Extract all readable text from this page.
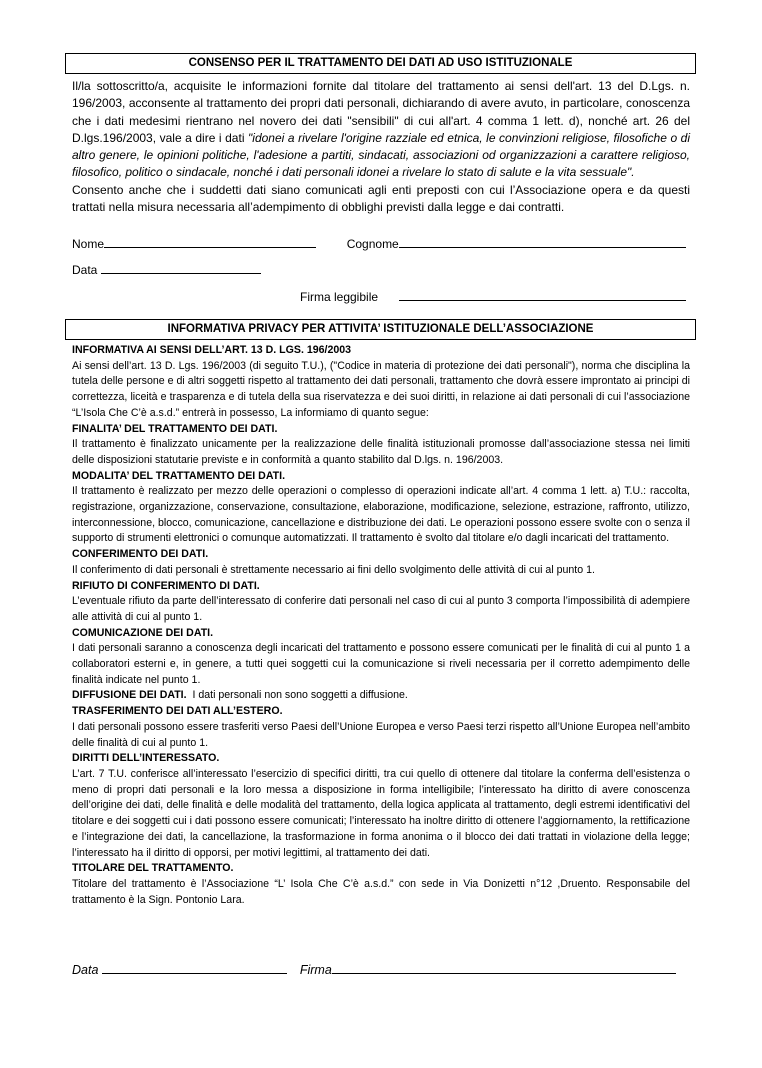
CONSENSO PER IL TRATTAMENTO DEI DATI AD USO ISTITUZIONALE
Il/la sottoscritto/a, acquisite le informazioni fornite dal titolare del trattamento ai sensi dell'art. 13 del D.Lgs. n. 196/2003, acconsente al trattamento dei propri dati personali, dichiarando di avere avuto, in particolare, conoscenza che i dati medesimi rientrano nel novero dei dati "sensibili" di cui all'art. 4 comma 1 lett. d), nonché art. 26 del D.lgs.196/2003, vale a dire i dati "idonei a rivelare l'origine razziale ed etnica, le convinzioni religiose, filosofiche o di altro genere, le opinioni politiche, l'adesione a partiti, sindacati, associazioni od organizzazioni a carattere religioso, filosofico, politico o sindacale, nonché i dati personali idonei a rivelare lo stato di salute e la vita sessuale".
Consento anche che i suddetti dati siano comunicati agli enti preposti con cui l’Associazione opera e da questi trattati nella misura necessaria all’adempimento di obblighi previsti dalla legge e dai contratti.
Nome	Cognome
Data
Firma leggibile
INFORMATIVA PRIVACY PER ATTIVITA’ ISTITUZIONALE DELL’ASSOCIAZIONE
INFORMATIVA AI SENSI DELL’ART. 13 D. LGS. 196/2003

Ai sensi dell’art. 13 D. Lgs. 196/2003 (di seguito T.U.), ("Codice in materia di protezione dei dati personali"), norma che disciplina la tutela delle persone e di altri soggetti rispetto al trattamento dei dati personali, trattamento che dovrà essere improntato ai principi di correttezza, liceità e trasparenza e di tutela della sua riservatezza e dei suoi diritti, in relazione ai dati personali di cui l’associazione “L’Isola Che C’è a.s.d.” entrerà in possesso, La informiamo di quanto segue:

FINALITA’ DEL TRATTAMENTO DEI DATI.

Il trattamento è finalizzato unicamente per la realizzazione delle finalità istituzionali promosse dall’associazione stessa nei limiti delle disposizioni statutarie previste e in conformità a quanto stabilito dal D.lgs. n. 196/2003.

MODALITA’ DEL TRATTAMENTO DEI DATI.

Il trattamento è realizzato per mezzo delle operazioni o complesso di operazioni indicate all’art. 4 comma 1 lett. a) T.U.: raccolta, registrazione, organizzazione, conservazione, consultazione, elaborazione, modificazione, selezione, estrazione, raffronto, utilizzo, interconnessione, blocco, comunicazione, cancellazione e distribuzione dei dati. Le operazioni possono essere svolte con o senza il supporto di strumenti elettronici o comunque automatizzati. Il trattamento è svolto dal titolare e/o dagli incaricati del trattamento.

CONFERIMENTO DEI DATI.

Il conferimento di dati personali è strettamente necessario ai fini dello svolgimento delle attività di cui al punto 1.

RIFIUTO DI CONFERIMENTO DI DATI.

L’eventuale rifiuto da parte dell’interessato di conferire dati personali nel caso di cui al punto 3 comporta l’impossibilità di adempiere alle attività di cui al punto 1.

COMUNICAZIONE DEI DATI.

I dati personali saranno a conoscenza degli incaricati del trattamento e possono essere comunicati per le finalità di cui al punto 1 a collaboratori esterni e, in genere, a tutti quei soggetti cui la comunicazione si riveli necessaria per il corretto adempimento delle finalità indicate nel punto 1.

DIFFUSIONE DEI DATI. I dati personali non sono soggetti a diffusione.
TRASFERIMENTO DEI DATI ALL’ESTERO.

I dati personali possono essere trasferiti verso Paesi dell’Unione Europea e verso Paesi terzi rispetto all’Unione Europea nell’ambito delle finalità di cui al punto 1.

DIRITTI DELL’INTERESSATO.

L’art. 7 T.U. conferisce all’interessato l’esercizio di specifici diritti, tra cui quello di ottenere dal titolare la conferma dell’esistenza o meno di propri dati personali e la loro messa a disposizione in forma intelligibile; l’interessato ha diritto di avere conoscenza dell’origine dei dati, delle finalità e delle modalità del trattamento, della logica applicata al trattamento, degli estremi identificativi del titolare e dei soggetti cui i dati possono essere comunicati; l’interessato ha inoltre diritto di ottenere l’aggiornamento, la rettificazione e l’integrazione dei dati, la cancellazione, la trasformazione in forma anonima o il blocco dei dati trattati in violazione della legge; l’interessato ha il diritto di opporsi, per motivi legittimi, al trattamento dei dati.

TITOLARE DEL TRATTAMENTO.

Titolare del trattamento è l’Associazione “L’ Isola Che C’è a.s.d.” con sede in Via Donizetti n°12 ,Druento. Responsabile del trattamento è la Sign. Pontonio Lara.

Data	Firma
